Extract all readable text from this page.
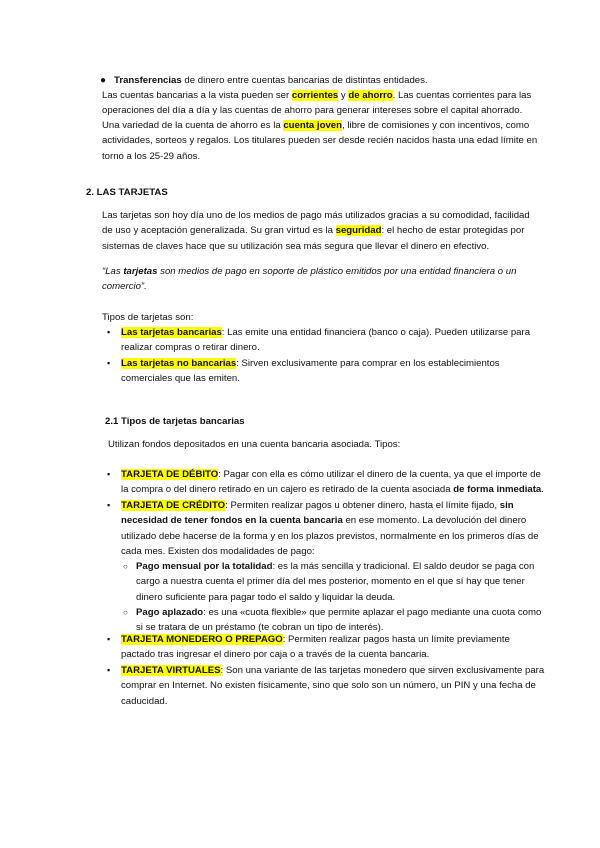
● Transferencias de dinero entre cuentas bancarias de distintas entidades.

Las cuentas bancarias a la vista pueden ser corrientes y de ahorro. Las cuentas corrientes para las operaciones del día a día y las cuentas de ahorro para generar intereses sobre el capital ahorrado.

Una variedad de la cuenta de ahorro es la cuenta joven, libre de comisiones y con incentivos, como actividades, sorteos y regalos. Los titulares pueden ser desde recién nacidos hasta una edad límite en torno a los 25-29 años.

2. LAS TARJETAS

Las tarjetas son hoy día uno de los medios de pago más utilizados gracias a su comodidad, facilidad de uso y aceptación generalizada. Su gran virtud es la seguridad: el hecho de estar protegidas por sistemas de claves hace que su utilización sea más segura que llevar el dinero en efectivo.

“Las tarjetas son medios de pago en soporte de plástico emitidos por una entidad financiera o un comercio”.

Tipos de tarjetas son:

▪ Las tarjetas bancarias: Las emite una entidad financiera (banco o caja). Pueden utilizarse para realizar compras o retirar dinero.

▪ Las tarjetas no bancarias: Sirven exclusivamente para comprar en los establecimientos comerciales que las emiten.

2.1 Tipos de tarjetas bancarias

Utilizan fondos depositados en una cuenta bancaria asociada. Tipos:

▪ TARJETA DE DÉBITO: Pagar con ella es cómo utilizar el dinero de la cuenta, ya que el importe de la compra o del dinero retirado en un cajero es retirado de la cuenta asociada de forma inmediata.

▪ TARJETA DE CRÉDITO: Permiten realizar pagos u obtener dinero, hasta el límite fijado, sin necesidad de tener fondos en la cuenta bancaria en ese momento. La devolución del dinero utilizado debe hacerse de la forma y en los plazos previstos, normalmente en los primeros días de cada mes. Existen dos modalidades de pago:

○ Pago mensual por la totalidad: es la más sencilla y tradicional. El saldo deudor se paga con cargo a nuestra cuenta el primer día del mes posterior, momento en el que sí hay que tener dinero suficiente para pagar todo el saldo y liquidar la deuda.

○ Pago aplazado: es una «cuota flexible» que permite aplazar el pago mediante una cuota como si se tratara de un préstamo (te cobran un tipo de interés).

▪ TARJETA MONEDERO O PREPAGO: Permiten realizar pagos hasta un límite previamente pactado tras ingresar el dinero por caja o a través de la cuenta bancaria.

▪ TARJETA VIRTUALES: Son una variante de las tarjetas monedero que sirven exclusivamente para comprar en Internet. No existen físicamente, sino que solo son un número, un PIN y una fecha de caducidad.
